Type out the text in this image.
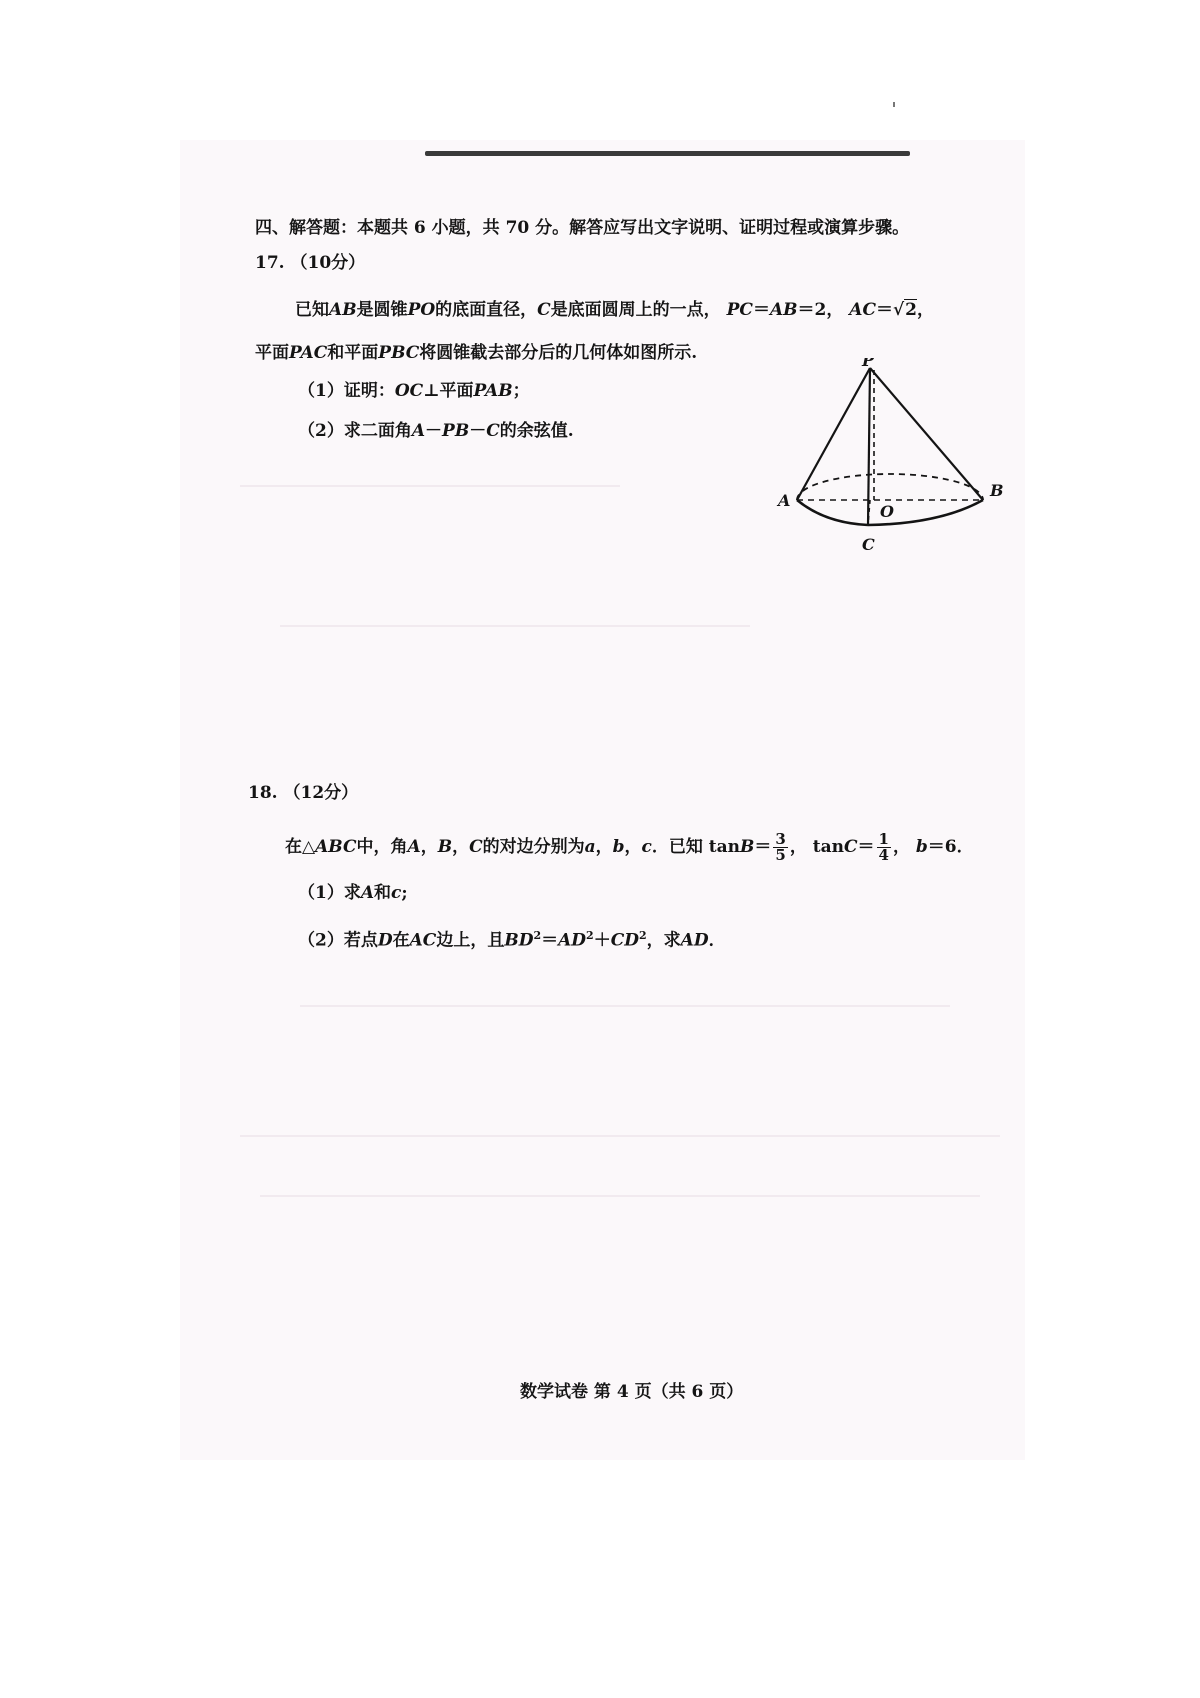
四、解答题：本题共 6 小题，共 70 分。解答应写出文字说明、证明过程或演算步骤。
17. （10分）
已知AB是圆锥PO的底面直径，C是底面圆周上的一点， PC＝AB＝2， AC＝√2，
平面PAC和平面PBC将圆锥截去部分后的几何体如图所示.
（1）证明：OC⊥平面PAB；
（2）求二面角A－PB－C的余弦值.
P
A
B
O
C
18. （12分）
在△ABC中，角A，B，C的对边分别为a，b，c．已知 $\tan B= \frac{3}{5}$ ， $\tan C= \frac{1}{4}$ ， b＝6．
（1）求A和c;
（2）若点D在AC边上，且$BD^2=AD^2+CD^2$，求AD．
数学试卷 第 4 页（共 6 页）
